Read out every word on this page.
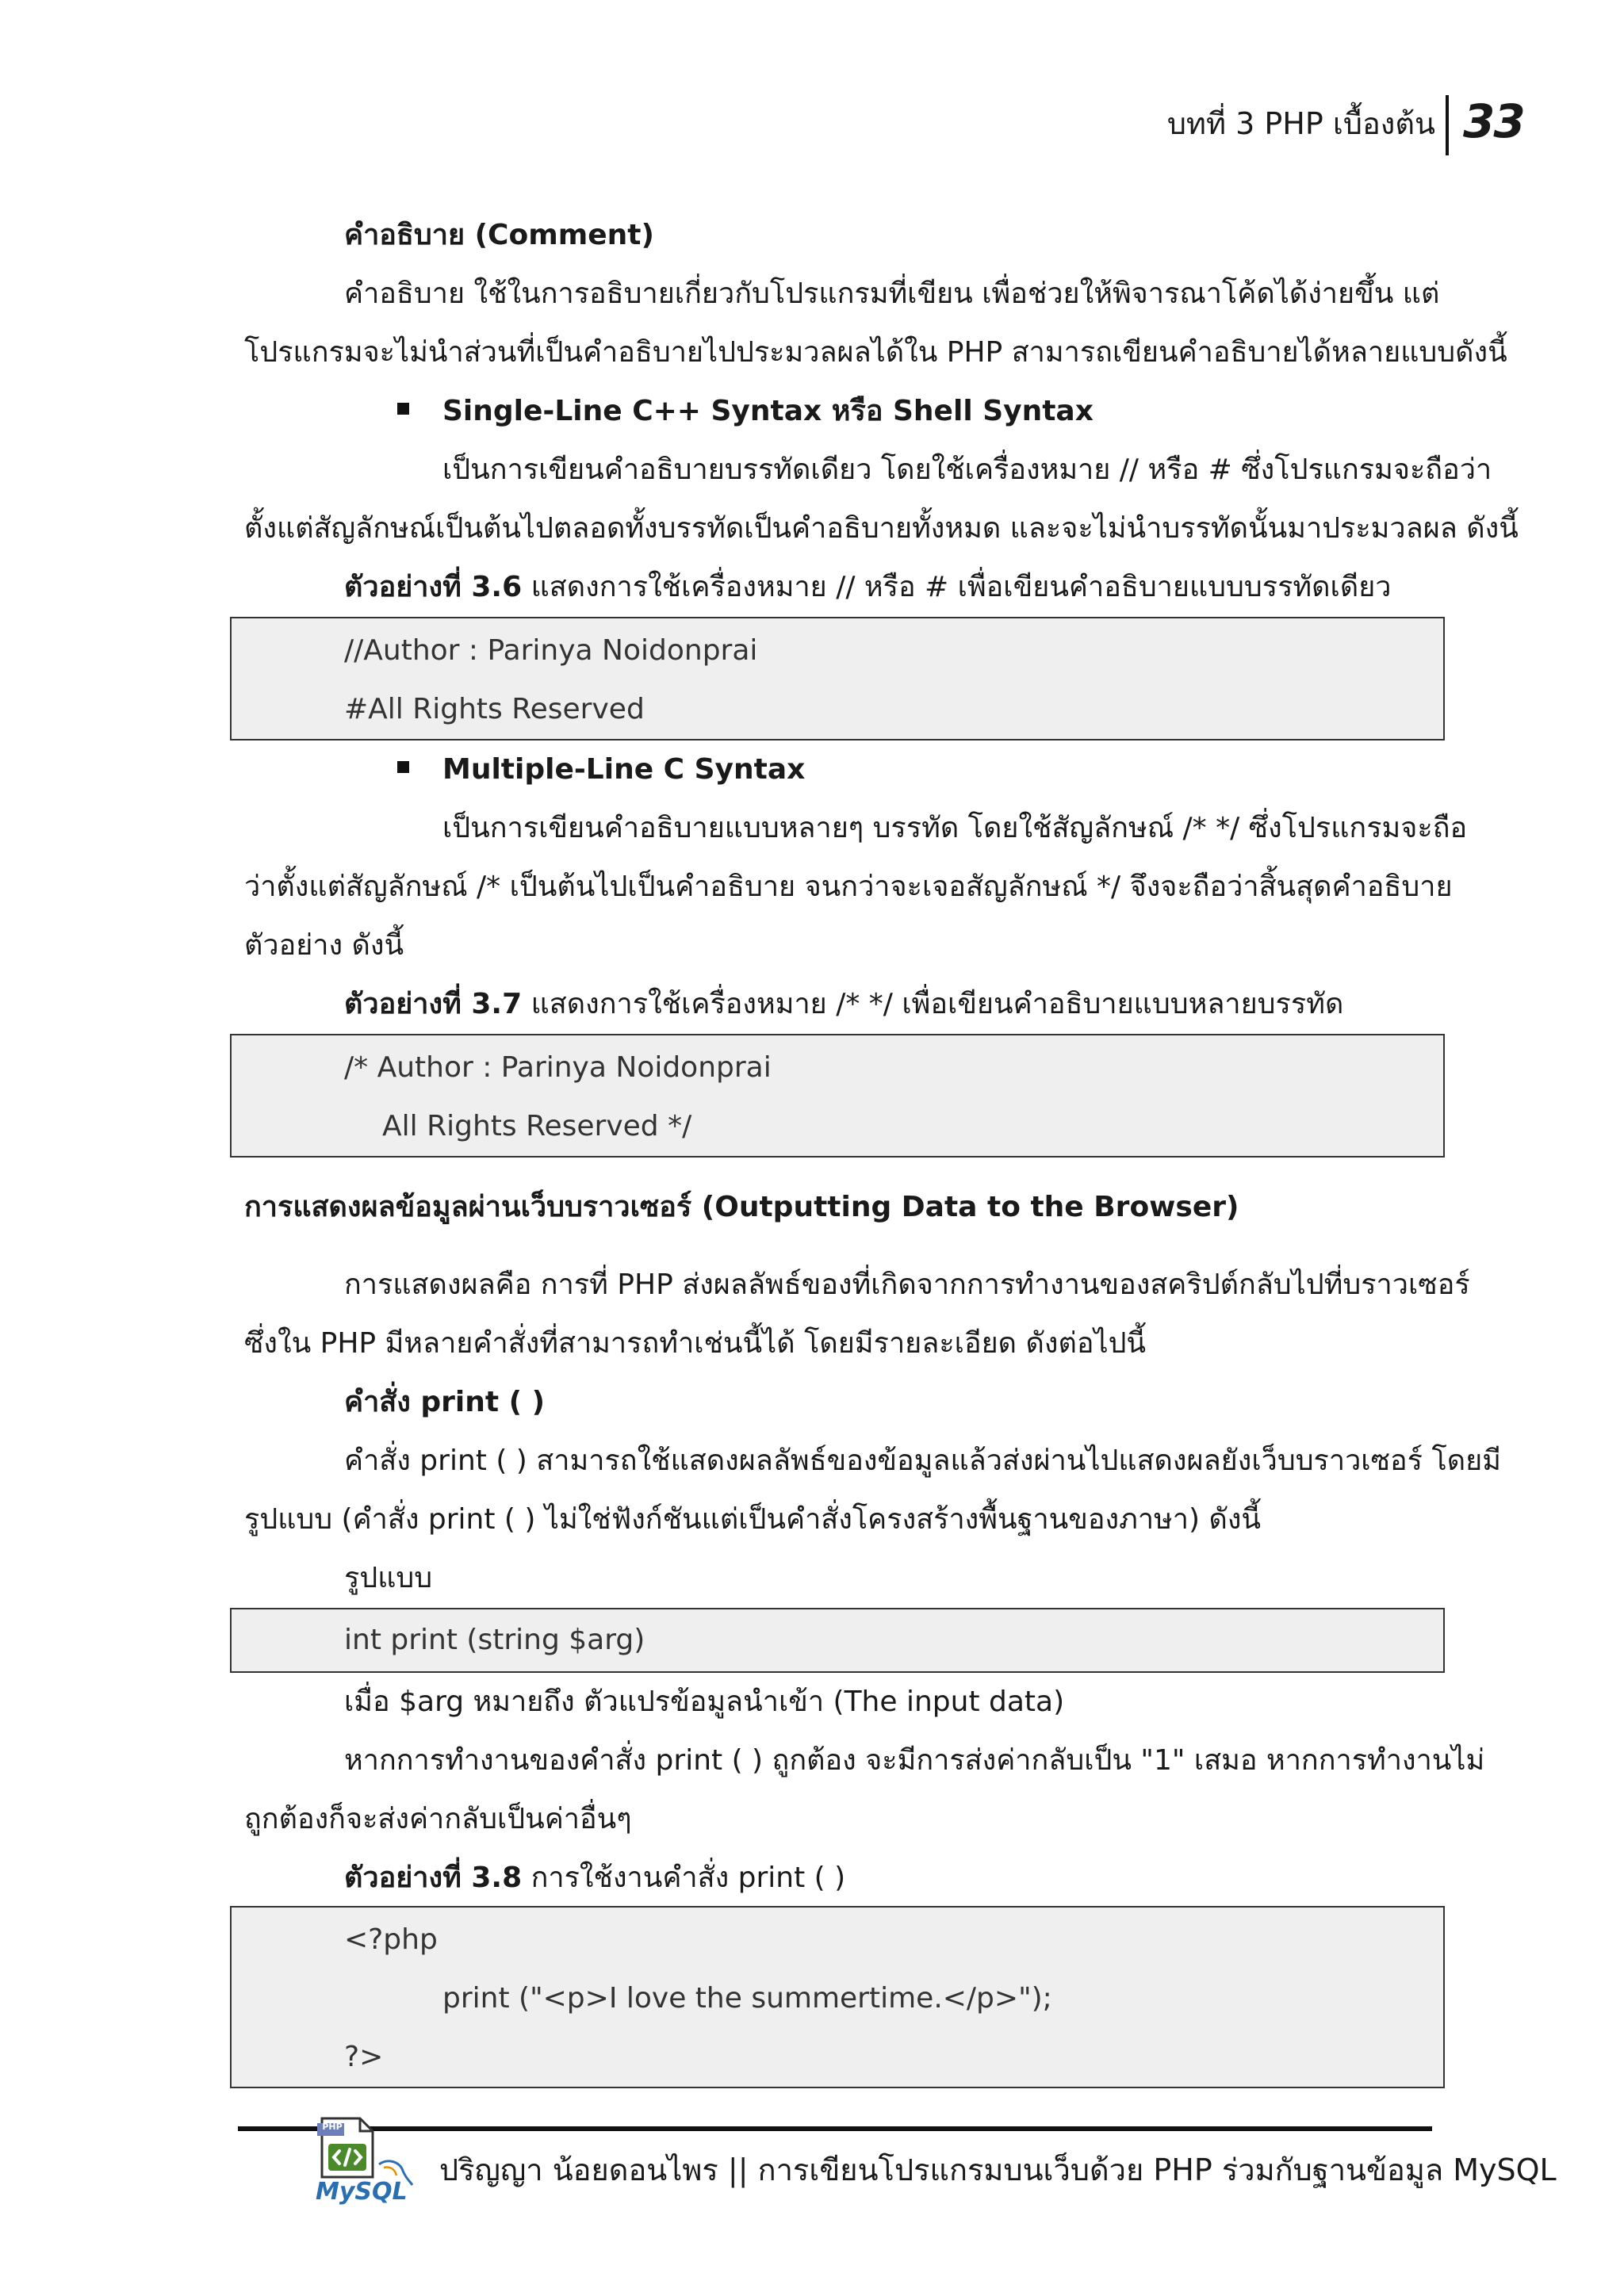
บทที่ 3 PHP เบื้องต้น 33
คำอธิบาย (Comment)
คำอธิบาย ใช้ในการอธิบายเกี่ยวกับโปรแกรมที่เขียน เพื่อช่วยให้พิจารณาโค้ดได้ง่ายขึ้น แต่
โปรแกรมจะไม่นำส่วนที่เป็นคำอธิบายไปประมวลผลได้ใน PHP สามารถเขียนคำอธิบายได้หลายแบบดังนี้
Single-Line C++ Syntax หรือ Shell Syntax
เป็นการเขียนคำอธิบายบรรทัดเดียว โดยใช้เครื่องหมาย // หรือ # ซึ่งโปรแกรมจะถือว่า
ตั้งแต่สัญลักษณ์เป็นต้นไปตลอดทั้งบรรทัดเป็นคำอธิบายทั้งหมด และจะไม่นำบรรทัดนั้นมาประมวลผล ดังนี้
ตัวอย่างที่ 3.6 แสดงการใช้เครื่องหมาย // หรือ # เพื่อเขียนคำอธิบายแบบบรรทัดเดียว
//Author : Parinya Noidonprai
#All Rights Reserved
Multiple-Line C Syntax
เป็นการเขียนคำอธิบายแบบหลายๆ บรรทัด โดยใช้สัญลักษณ์ /* */ ซึ่งโปรแกรมจะถือ
ว่าตั้งแต่สัญลักษณ์ /* เป็นต้นไปเป็นคำอธิบาย จนกว่าจะเจอสัญลักษณ์ */ จึงจะถือว่าสิ้นสุดคำอธิบาย
ตัวอย่าง ดังนี้
ตัวอย่างที่ 3.7 แสดงการใช้เครื่องหมาย /* */ เพื่อเขียนคำอธิบายแบบหลายบรรทัด
/* Author : Parinya Noidonprai
All Rights Reserved */
การแสดงผลข้อมูลผ่านเว็บบราวเซอร์ (Outputting Data to the Browser)
การแสดงผลคือ การที่ PHP ส่งผลลัพธ์ของที่เกิดจากการทำงานของสคริปต์กลับไปที่บราวเซอร์
ซึ่งใน PHP มีหลายคำสั่งที่สามารถทำเช่นนี้ได้ โดยมีรายละเอียด ดังต่อไปนี้
คำสั่ง print ( )
คำสั่ง print ( ) สามารถใช้แสดงผลลัพธ์ของข้อมูลแล้วส่งผ่านไปแสดงผลยังเว็บบราวเซอร์ โดยมี
รูปแบบ (คำสั่ง print ( ) ไม่ใช่ฟังก์ชันแต่เป็นคำสั่งโครงสร้างพื้นฐานของภาษา) ดังนี้
รูปแบบ
int print (string $arg)
เมื่อ $arg หมายถึง ตัวแปรข้อมูลนำเข้า (The input data)
หากการทำงานของคำสั่ง print ( ) ถูกต้อง จะมีการส่งค่ากลับเป็น "1" เสมอ หากการทำงานไม่
ถูกต้องก็จะส่งค่ากลับเป็นค่าอื่นๆ
ตัวอย่างที่ 3.8 การใช้งานคำสั่ง print ( )
<?php
print ("<p>I love the summertime.</p>");
?>
PHP
MySQL
ปริญญา น้อยดอนไพร || การเขียนโปรแกรมบนเว็บด้วย PHP ร่วมกับฐานข้อมูล MySQL
